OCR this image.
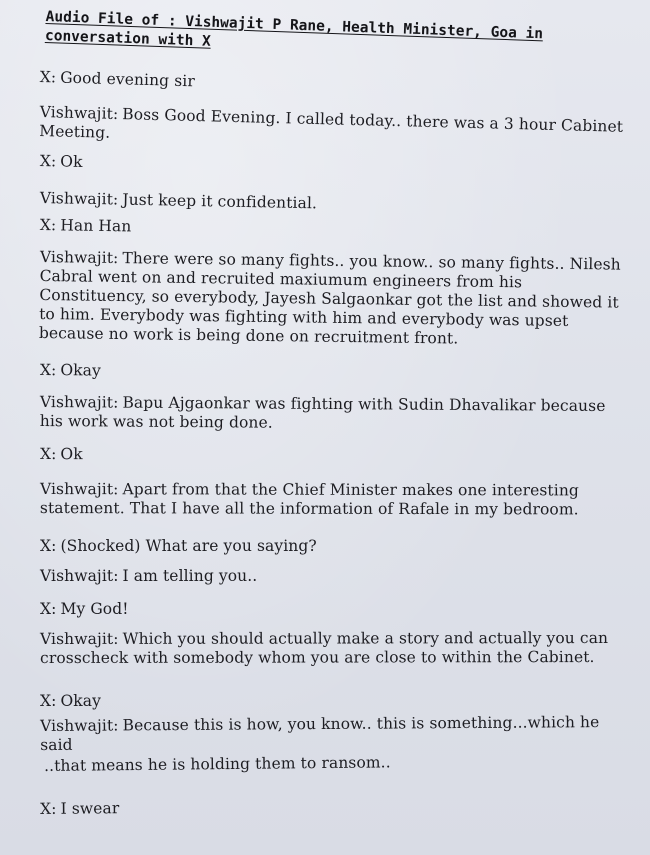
Audio File of : Vishwajit P Rane, Health Minister, Goa in conversation with X
X: Good evening sir
Vishwajit: Boss Good Evening. I called today.. there was a 3 hour Cabinet Meeting.
X: Ok
Vishwajit: Just keep it confidential.
X: Han Han
Vishwajit: There were so many fights.. you know.. so many fights.. Nilesh Cabral went on and recruited maxiumum engineers from his Constituency, so everybody, Jayesh Salgaonkar got the list and showed it to him. Everybody was fighting with him and everybody was upset because no work is being done on recruitment front.
X: Okay
Vishwajit: Bapu Ajgaonkar was fighting with Sudin Dhavalikar because his work was not being done.
X: Ok
Vishwajit: Apart from that the Chief Minister makes one interesting statement. That I have all the information of Rafale in my bedroom.
X: (Shocked) What are you saying?
Vishwajit: I am telling you..
X: My God!
Vishwajit: Which you should actually make a story and actually you can crosscheck with somebody whom you are close to within the Cabinet.
X: Okay
Vishwajit: Because this is how, you know.. this is something...which he said
..that means he is holding them to ransom..
X: I swear
